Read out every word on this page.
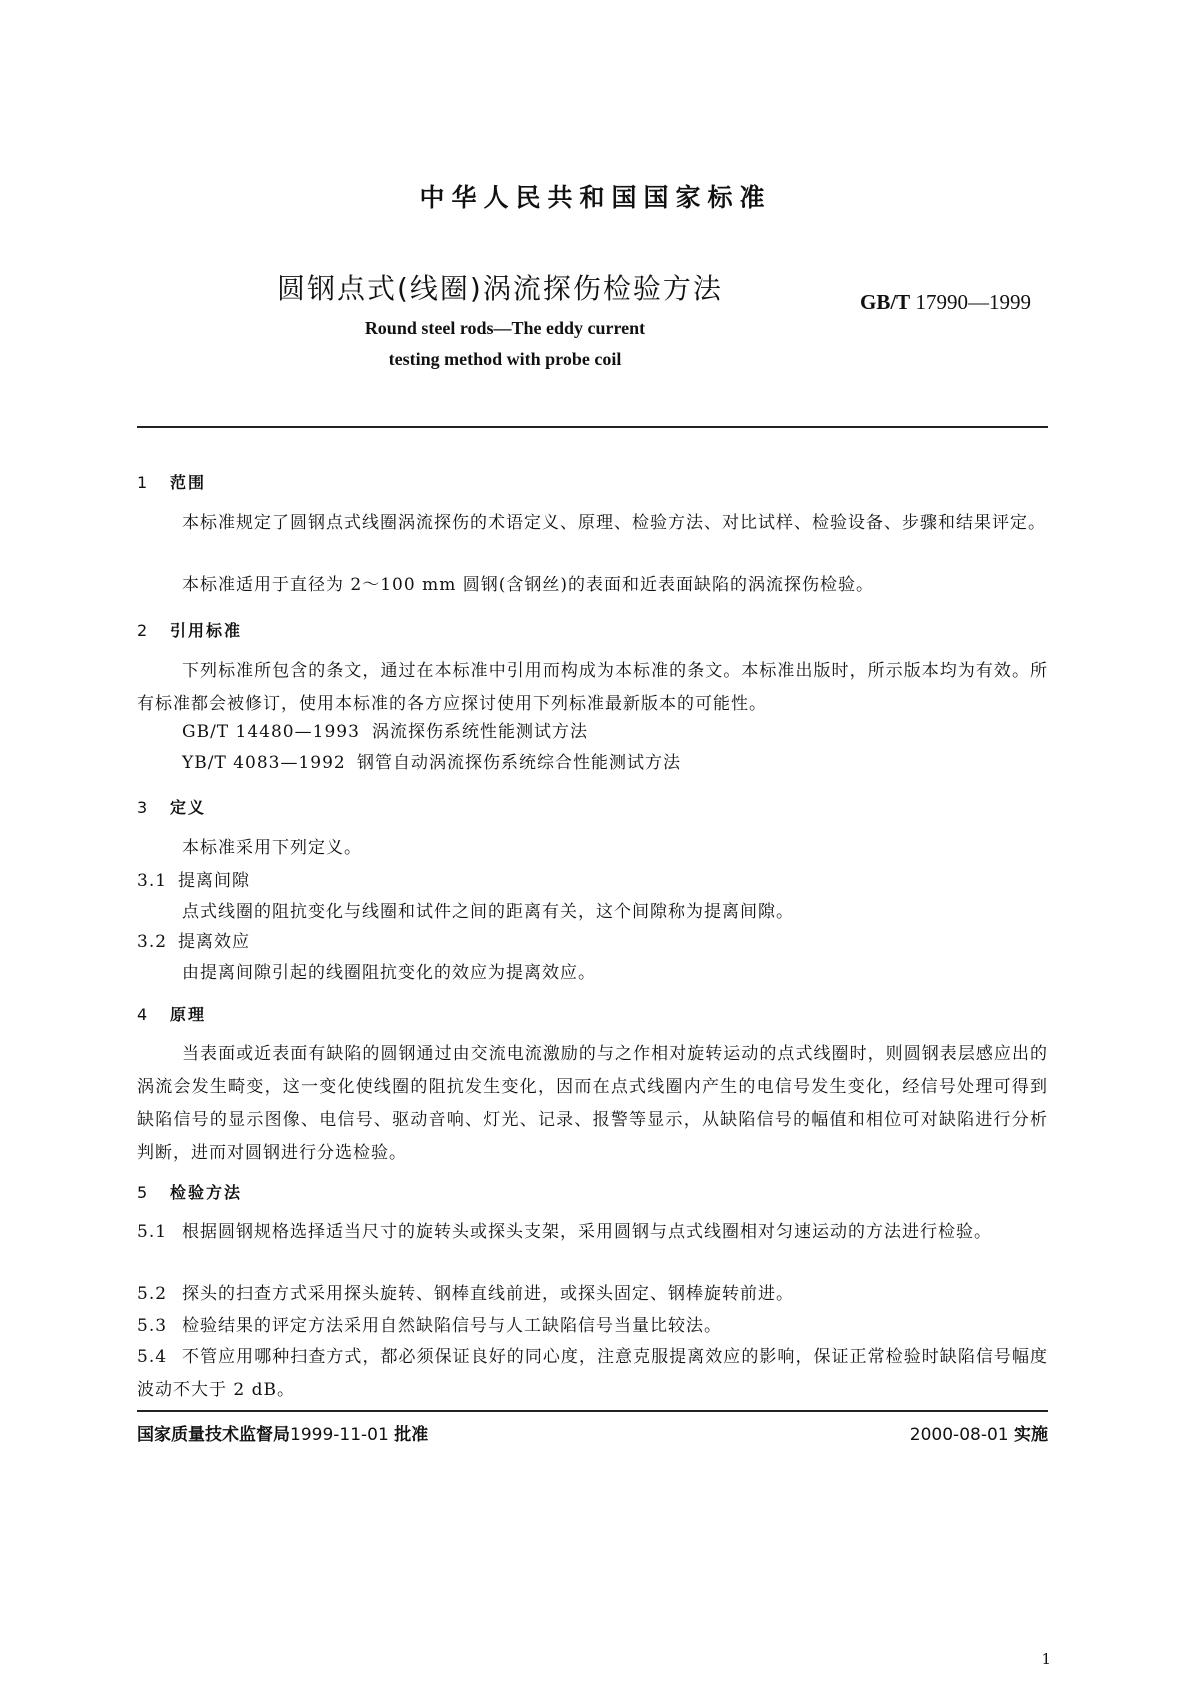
中华人民共和国国家标准
圆钢点式(线圈)涡流探伤检验方法	GB/T 17990—1999
Round steel rods—The eddy current
testing method with probe coil
1 范围
本标准规定了圆钢点式线圈涡流探伤的术语定义、原理、检验方法、对比试样、检验设备、步骤和结果评定。
本标准适用于直径为 2～100 mm 圆钢(含钢丝)的表面和近表面缺陷的涡流探伤检验。
2 引用标准
下列标准所包含的条文，通过在本标准中引用而构成为本标准的条文。本标准出版时，所示版本均为有效。所有标准都会被修订，使用本标准的各方应探讨使用下列标准最新版本的可能性。
GB/T 14480—1993 涡流探伤系统性能测试方法
YB/T 4083—1992 钢管自动涡流探伤系统综合性能测试方法
3 定义
本标准采用下列定义。
3.1 提离间隙
点式线圈的阻抗变化与线圈和试件之间的距离有关，这个间隙称为提离间隙。
3.2 提离效应
由提离间隙引起的线圈阻抗变化的效应为提离效应。
4 原理
当表面或近表面有缺陷的圆钢通过由交流电流激励的与之作相对旋转运动的点式线圈时，则圆钢表层感应出的涡流会发生畸变，这一变化使线圈的阻抗发生变化，因而在点式线圈内产生的电信号发生变化，经信号处理可得到缺陷信号的显示图像、电信号、驱动音响、灯光、记录、报警等显示，从缺陷信号的幅值和相位可对缺陷进行分析判断，进而对圆钢进行分选检验。
5 检验方法
5.1 根据圆钢规格选择适当尺寸的旋转头或探头支架，采用圆钢与点式线圈相对匀速运动的方法进行检验。
5.2 探头的扫查方式采用探头旋转、钢棒直线前进，或探头固定、钢棒旋转前进。
5.3 检验结果的评定方法采用自然缺陷信号与人工缺陷信号当量比较法。
5.4 不管应用哪种扫查方式，都必须保证良好的同心度，注意克服提离效应的影响，保证正常检验时缺陷信号幅度波动不大于 2 dB。
国家质量技术监督局1999-11-01 批准	2000-08-01 实施
1
